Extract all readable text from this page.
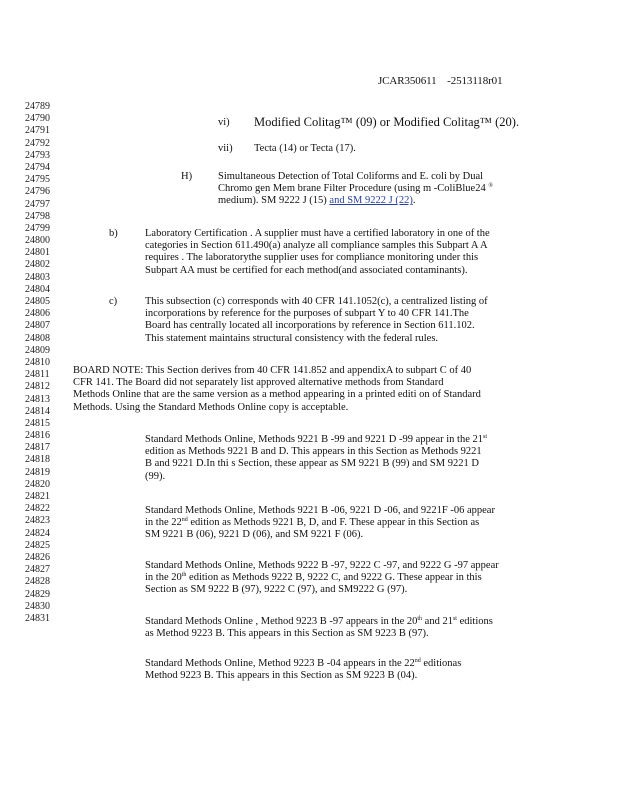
JCAR350611 -2513118r01
24789
24790
24791
24792
24793
24794
24795
24796
24797
24798
24799
24800
24801
24802
24803
24804
24805
24806
24807
24808
24809
24810
24811
24812
24813
24814
24815
24816
24817
24818
24819
24820
24821
24822
24823
24824
24825
24826
24827
24828
24829
24830
24831
vi) Modified Colitag™ (09) or Modified Colitag™ (20).
vii) Tecta (14) or Tecta (17).
H) Simultaneous Detection of Total Coliforms and E. coli by Dual
Chromo gen Mem brane Filter Procedure (using m -ColiBlue24 ®
medium). SM 9222 J (15) and SM 9222 J (22).
b)	Laboratory Certification . A supplier must have a certified laboratory in one of the
categories in Section 611.490(a) analyze all compliance samples this Subpart A A
requires . The laboratorythe supplier uses for compliance monitoring under this
Subpart AA must be certified for each method(and associated contaminants).
c)	This subsection (c) corresponds with 40 CFR 141.1052(c), a centralized listing of
incorporations by reference for the purposes of subpart Y to 40 CFR 141.The
Board has centrally located all incorporations by reference in Section 611.102.
This statement maintains structural consistency with the federal rules.
BOARD NOTE: This Section derives from 40 CFR 141.852 and appendixA to subpart C of 40
CFR 141. The Board did not separately list approved alternative methods from Standard
Methods Online that are the same version as a method appearing in a printed editi on of Standard
Methods. Using the Standard Methods Online copy is acceptable.
Standard Methods Online, Methods 9221 B -99 and 9221 D -99 appear in the 21st
edition as Methods 9221 B and D. This appears in this Section as Methods 9221
B and 9221 D.In thi s Section, these appear as SM 9221 B (99) and SM 9221 D
(99).
Standard Methods Online, Methods 9221 B -06, 9221 D -06, and 9221F -06 appear
in the 22nd edition as Methods 9221 B, D, and F. These appear in this Section as
SM 9221 B (06), 9221 D (06), and SM 9221 F (06).
Standard Methods Online, Methods 9222 B -97, 9222 C -97, and 9222 G -97 appear
in the 20th edition as Methods 9222 B, 9222 C, and 9222 G. These appear in this
Section as SM 9222 B (97), 9222 C (97), and SM9222 G (97).
Standard Methods Online , Method 9223 B -97 appears in the 20th and 21st editions
as Method 9223 B. This appears in this Section as SM 9223 B (97).
Standard Methods Online, Method 9223 B -04 appears in the 22nd editionas
Method 9223 B. This appears in this Section as SM 9223 B (04).
